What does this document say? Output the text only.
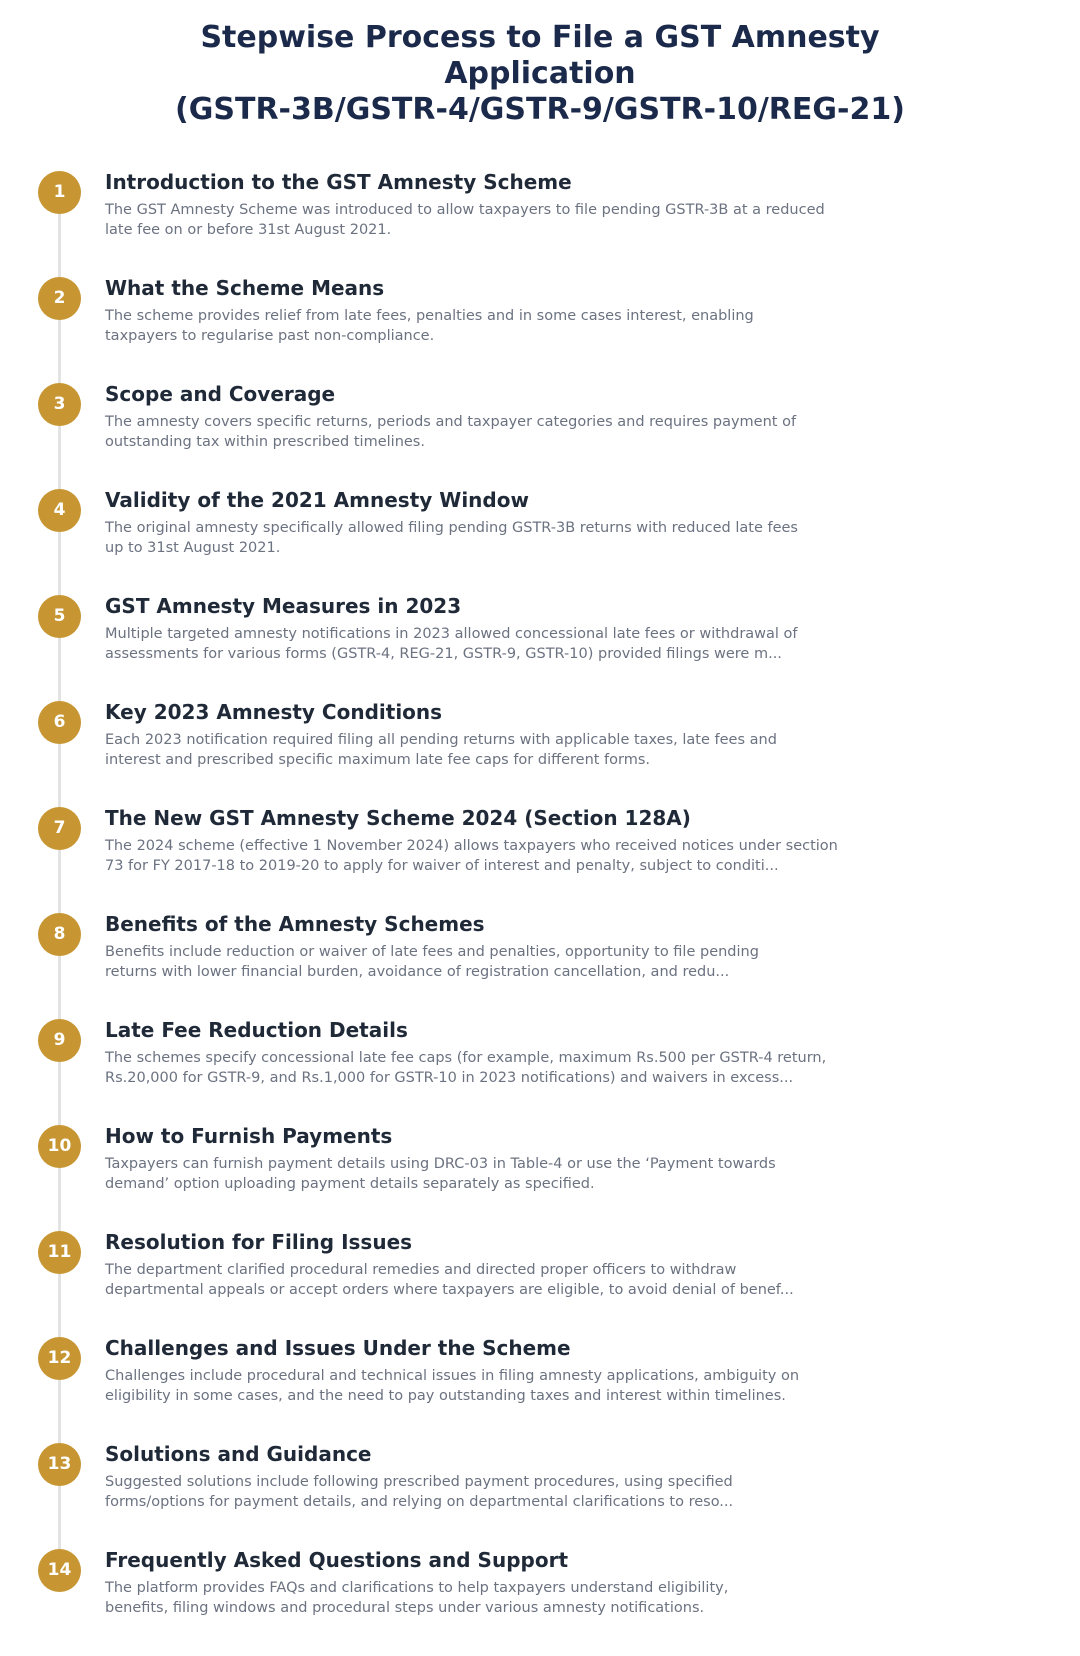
Stepwise Process to File a GST Amnesty
Application
(GSTR-3B/GSTR-4/GSTR-9/GSTR-10/REG-21)
1	Introduction to the GST Amnesty Scheme

The GST Amnesty Scheme was introduced to allow taxpayers to file pending GSTR-3B at a reduced
late fee on or before 31st August 2021.

2	What the Scheme Means

The scheme provides relief from late fees, penalties and in some cases interest, enabling
taxpayers to regularise past non-compliance.

3	Scope and Coverage

The amnesty covers specific returns, periods and taxpayer categories and requires payment of
outstanding tax within prescribed timelines.

4	Validity of the 2021 Amnesty Window

The original amnesty specifically allowed filing pending GSTR-3B returns with reduced late fees
up to 31st August 2021.

5	GST Amnesty Measures in 2023

Multiple targeted amnesty notifications in 2023 allowed concessional late fees or withdrawal of
assessments for various forms (GSTR-4, REG-21, GSTR-9, GSTR-10) provided filings were m...

6	Key 2023 Amnesty Conditions

Each 2023 notification required filing all pending returns with applicable taxes, late fees and
interest and prescribed specific maximum late fee caps for different forms.

7	The New GST Amnesty Scheme 2024 (Section 128A)

The 2024 scheme (effective 1 November 2024) allows taxpayers who received notices under section
73 for FY 2017-18 to 2019-20 to apply for waiver of interest and penalty, subject to conditi...

8	Benefits of the Amnesty Schemes

Benefits include reduction or waiver of late fees and penalties, opportunity to file pending
returns with lower financial burden, avoidance of registration cancellation, and redu...

9	Late Fee Reduction Details

The schemes specify concessional late fee caps (for example, maximum Rs.500 per GSTR-4 return,
Rs.20,000 for GSTR-9, and Rs.1,000 for GSTR-10 in 2023 notifications) and waivers in excess...

10	How to Furnish Payments

Taxpayers can furnish payment details using DRC-03 in Table-4 or use the ‘Payment towards
demand’ option uploading payment details separately as specified.

11	Resolution for Filing Issues

The department clarified procedural remedies and directed proper officers to withdraw
departmental appeals or accept orders where taxpayers are eligible, to avoid denial of benef...

12	Challenges and Issues Under the Scheme

Challenges include procedural and technical issues in filing amnesty applications, ambiguity on
eligibility in some cases, and the need to pay outstanding taxes and interest within timelines.

13	Solutions and Guidance

Suggested solutions include following prescribed payment procedures, using specified
forms/options for payment details, and relying on departmental clarifications to reso...

14	Frequently Asked Questions and Support

The platform provides FAQs and clarifications to help taxpayers understand eligibility,
benefits, filing windows and procedural steps under various amnesty notifications.
